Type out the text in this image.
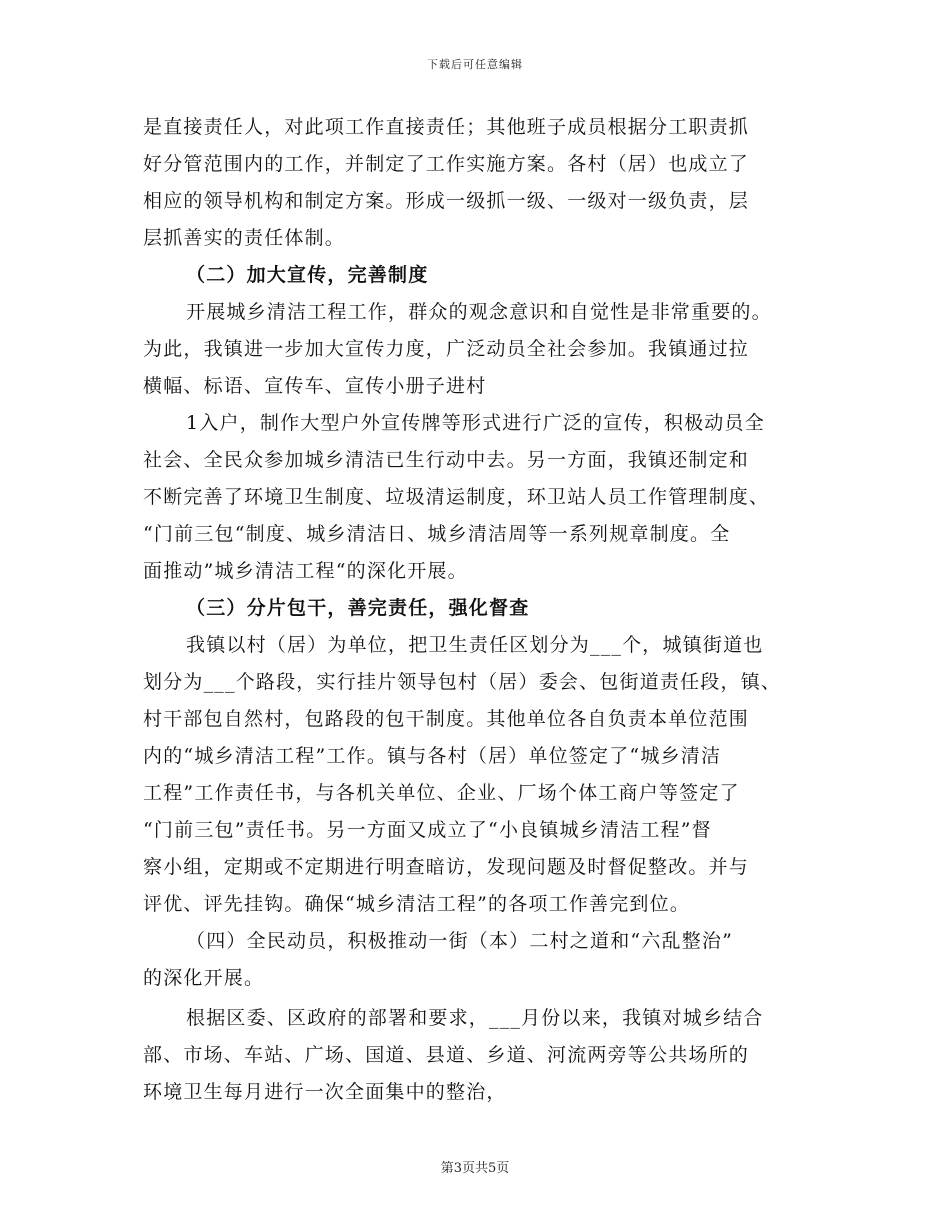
下载后可任意编辑
是直接责任人，对此项工作直接责任；其他班子成员根据分工职责抓
好分管范围内的工作，并制定了工作实施方案。各村（居）也成立了
相应的领导机构和制定方案。形成一级抓一级、一级对一级负责，层
层抓善实的责任体制。
（二）加大宣传，完善制度
开展城乡清洁工程工作，群众的观念意识和自觉性是非常重要的。
为此，我镇进一步加大宣传力度，广泛动员全社会参加。我镇通过拉
横幅、标语、宣传车、宣传小册子进村
1入户，制作大型户外宣传牌等形式进行广泛的宣传，积极动员全
社会、全民众参加城乡清洁已生行动中去。另一方面，我镇还制定和
不断完善了环境卫生制度、垃圾清运制度，环卫站人员工作管理制度、
“门前三包“制度、城乡清洁日、城乡清洁周等一系列规章制度。全
面推动”城乡清洁工程“的深化开展。
（三）分片包干，善完责任，强化督查
我镇以村（居）为单位，把卫生责任区划分为___个，城镇街道也
划分为___个路段，实行挂片领导包村（居）委会、包街道责任段，镇、
村干部包自然村，包路段的包干制度。其他单位各自负责本单位范围
内的“城乡清洁工程”工作。镇与各村（居）单位签定了“城乡清洁
工程”工作责任书，与各机关单位、企业、厂场个体工商户等签定了
“门前三包”责任书。另一方面又成立了“小良镇城乡清洁工程”督
察小组，定期或不定期进行明查暗访，发现问题及时督促整改。并与
评优、评先挂钩。确保“城乡清洁工程”的各项工作善完到位。
（四）全民动员，积极推动一街（本）二村之道和“六乱整治”
的深化开展。
根据区委、区政府的部署和要求，___月份以来，我镇对城乡结合
部、市场、车站、广场、国道、县道、乡道、河流两旁等公共场所的
环境卫生每月进行一次全面集中的整治，
第3页共5页
